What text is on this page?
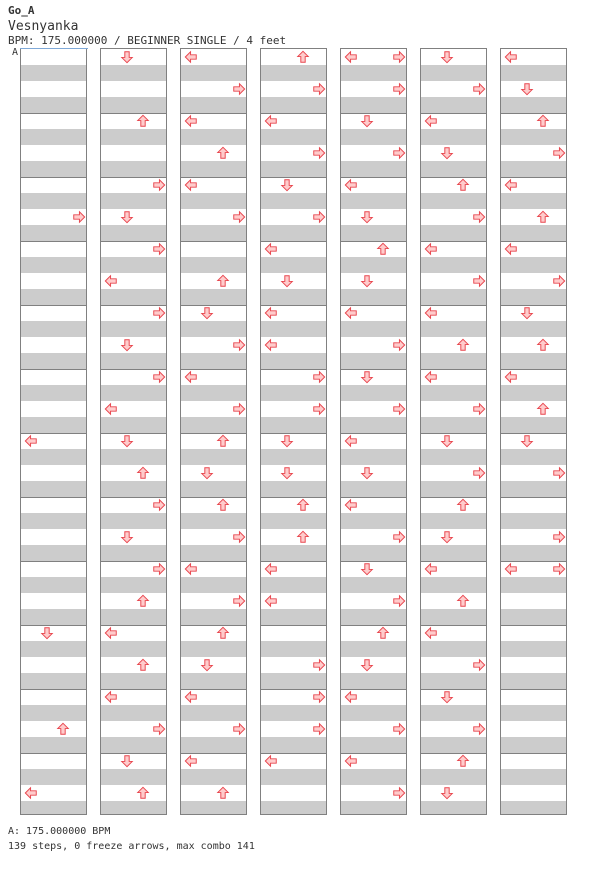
Go_A
Vesnyanka
BPM: 175.000000 / BEGINNER SINGLE / 4 feet
A
A: 175.000000 BPM
139 steps, 0 freeze arrows, max combo 141
